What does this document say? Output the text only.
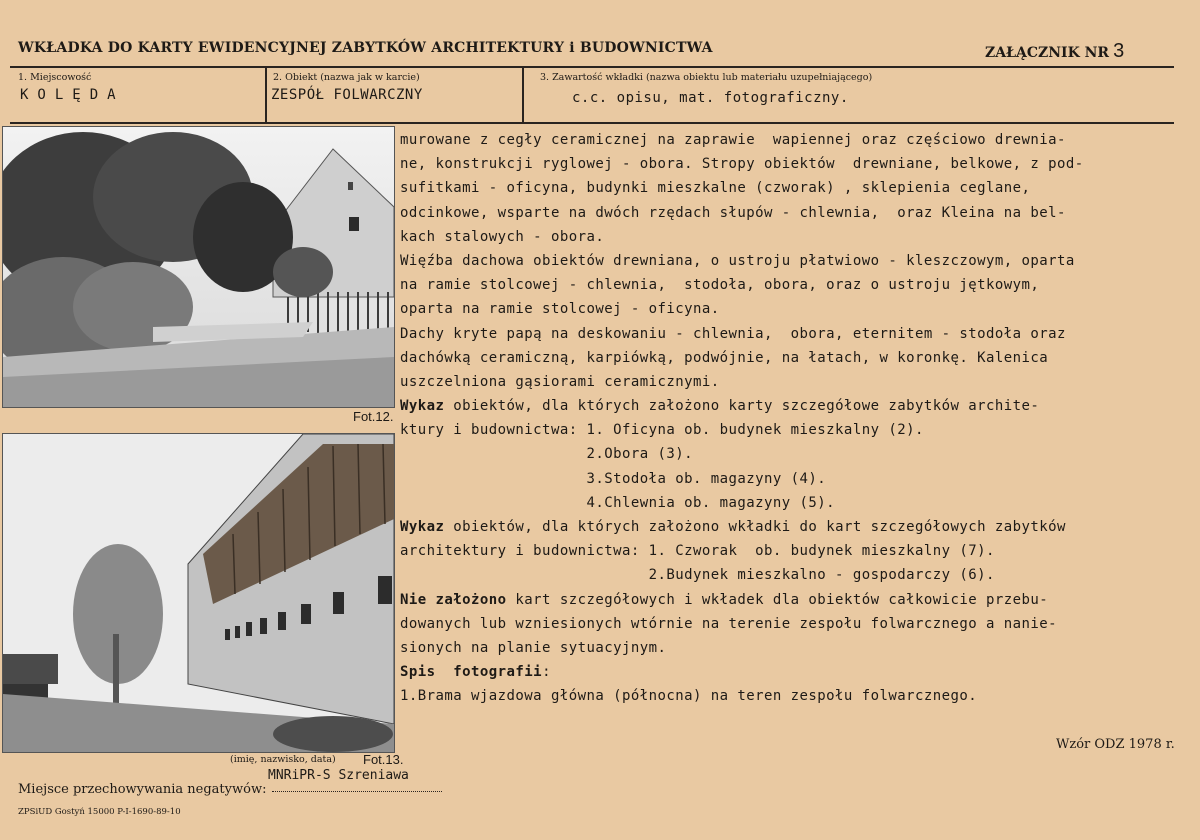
WKŁADKA DO KARTY EWIDENCYJNEJ ZABYTKÓW ARCHITEKTURY i BUDOWNICTWA	ZAŁĄCZNIK NR 3
1. Miejscowość
KOLĘDA
2. Obiekt (nazwa jak w karcie)
ZESPÓŁ FOLWARCZNY
3. Zawartość wkładki (nazwa obiektu lub materiału uzupełniającego)
c.c. opisu, mat. fotograficzny.
Fot.12.
(imię, nazwisko, data) Fot.13.
murowane z cegły ceramicznej na zaprawie  wapiennej oraz częściowo drewnia-
ne, konstrukcji ryglowej - obora. Stropy obiektów  drewniane, belkowe, z pod-
sufitkami - oficyna, budynki mieszkalne (czworak) , sklepienia ceglane,
odcinkowe, wsparte na dwóch rzędach słupów - chlewnia,  oraz Kleina na bel-
kach stalowych - obora.
Więźba dachowa obiektów drewniana, o ustroju płatwiowo - kleszczowym, oparta
na ramie stolcowej - chlewnia,  stodoła, obora, oraz o ustroju jętkowym,
oparta na ramie stolcowej - oficyna.
Dachy kryte papą na deskowaniu - chlewnia,  obora, eternitem - stodoła oraz
dachówką ceramiczną, karpiówką, podwójnie, na łatach, w koronkę. Kalenica
uszczelniona gąsiorami ceramicznymi.
Wykaz obiektów, dla których założono karty szczegółowe zabytków archite-
ktury i budownictwa: 1. Oficyna ob. budynek mieszkalny (2).
2.Obora (3).
3.Stodoła ob. magazyny (4).
4.Chlewnia ob. magazyny (5).
Wykaz obiektów, dla których założono wkładki do kart szczegółowych zabytków
architektury i budownictwa: 1. Czworak  ob. budynek mieszkalny (7).
2.Budynek mieszkalno - gospodarczy (6).
Nie założono kart szczegółowych i wkładek dla obiektów całkowicie przebu-
dowanych lub wzniesionych wtórnie na terenie zespołu folwarcznego a nanie-
sionych na planie sytuacyjnym.
Spis  fotografii:
1.Brama wjazdowa główna (północna) na teren zespołu folwarcznego.
Wzór ODZ 1978 r.
MNRiPR-S Szreniawa
Miejsce przechowywania negatywów:
ZPSiUD Gostyń 15000 P-I-1690-89-10
